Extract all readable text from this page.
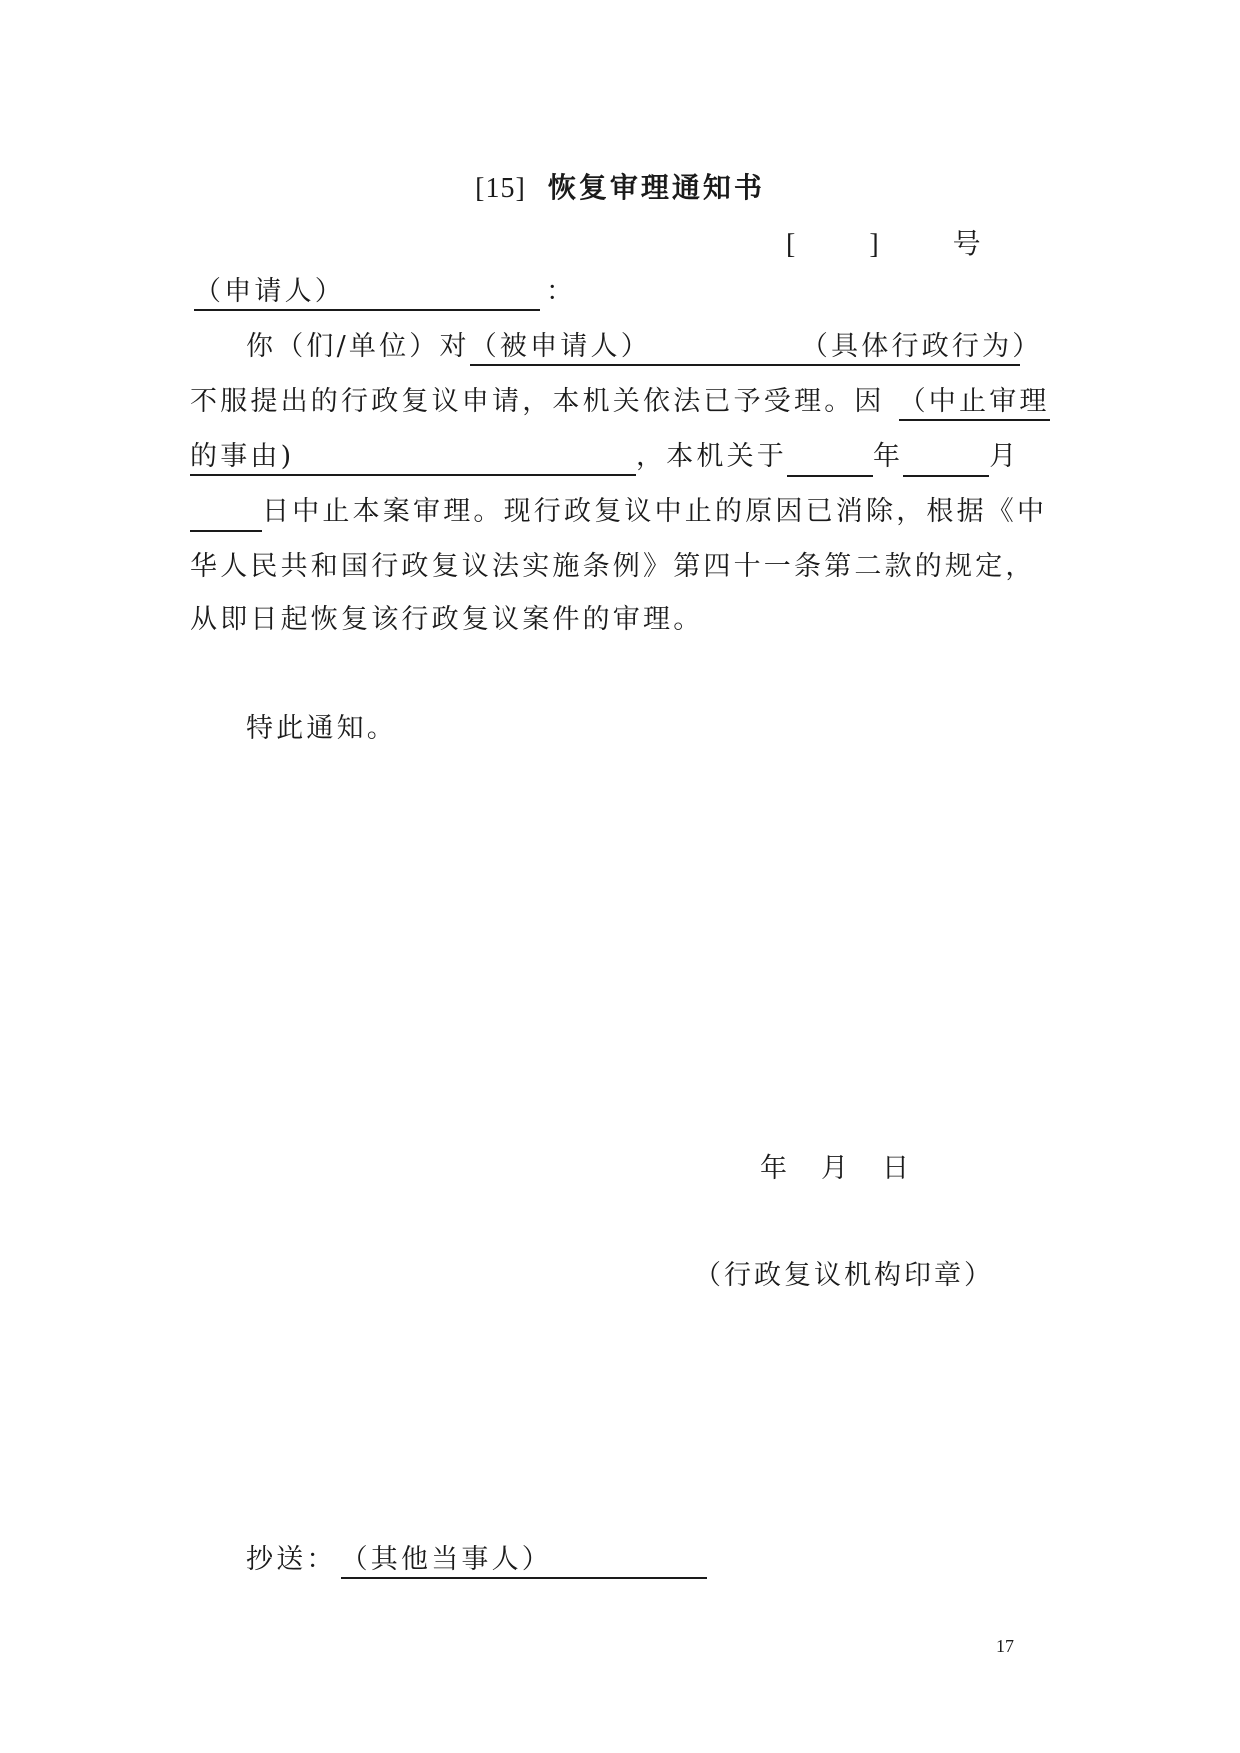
[15] 恢复审理通知书
[	]	号
（申请人）	：
你（们/单位）对（被申请人）	（具体行政行为）
不服提出的行政复议申请，本机关依法已予受理。因 （中止审理
的事由)	，本机关于	年	月
日中止本案审理。现行政复议中止的原因已消除，根据《中
华人民共和国行政复议法实施条例》第四十一条第二款的规定，
从即日起恢复该行政复议案件的审理。
特此通知。
年 月 日
（行政复议机构印章）
抄送： （其他当事人）
17
